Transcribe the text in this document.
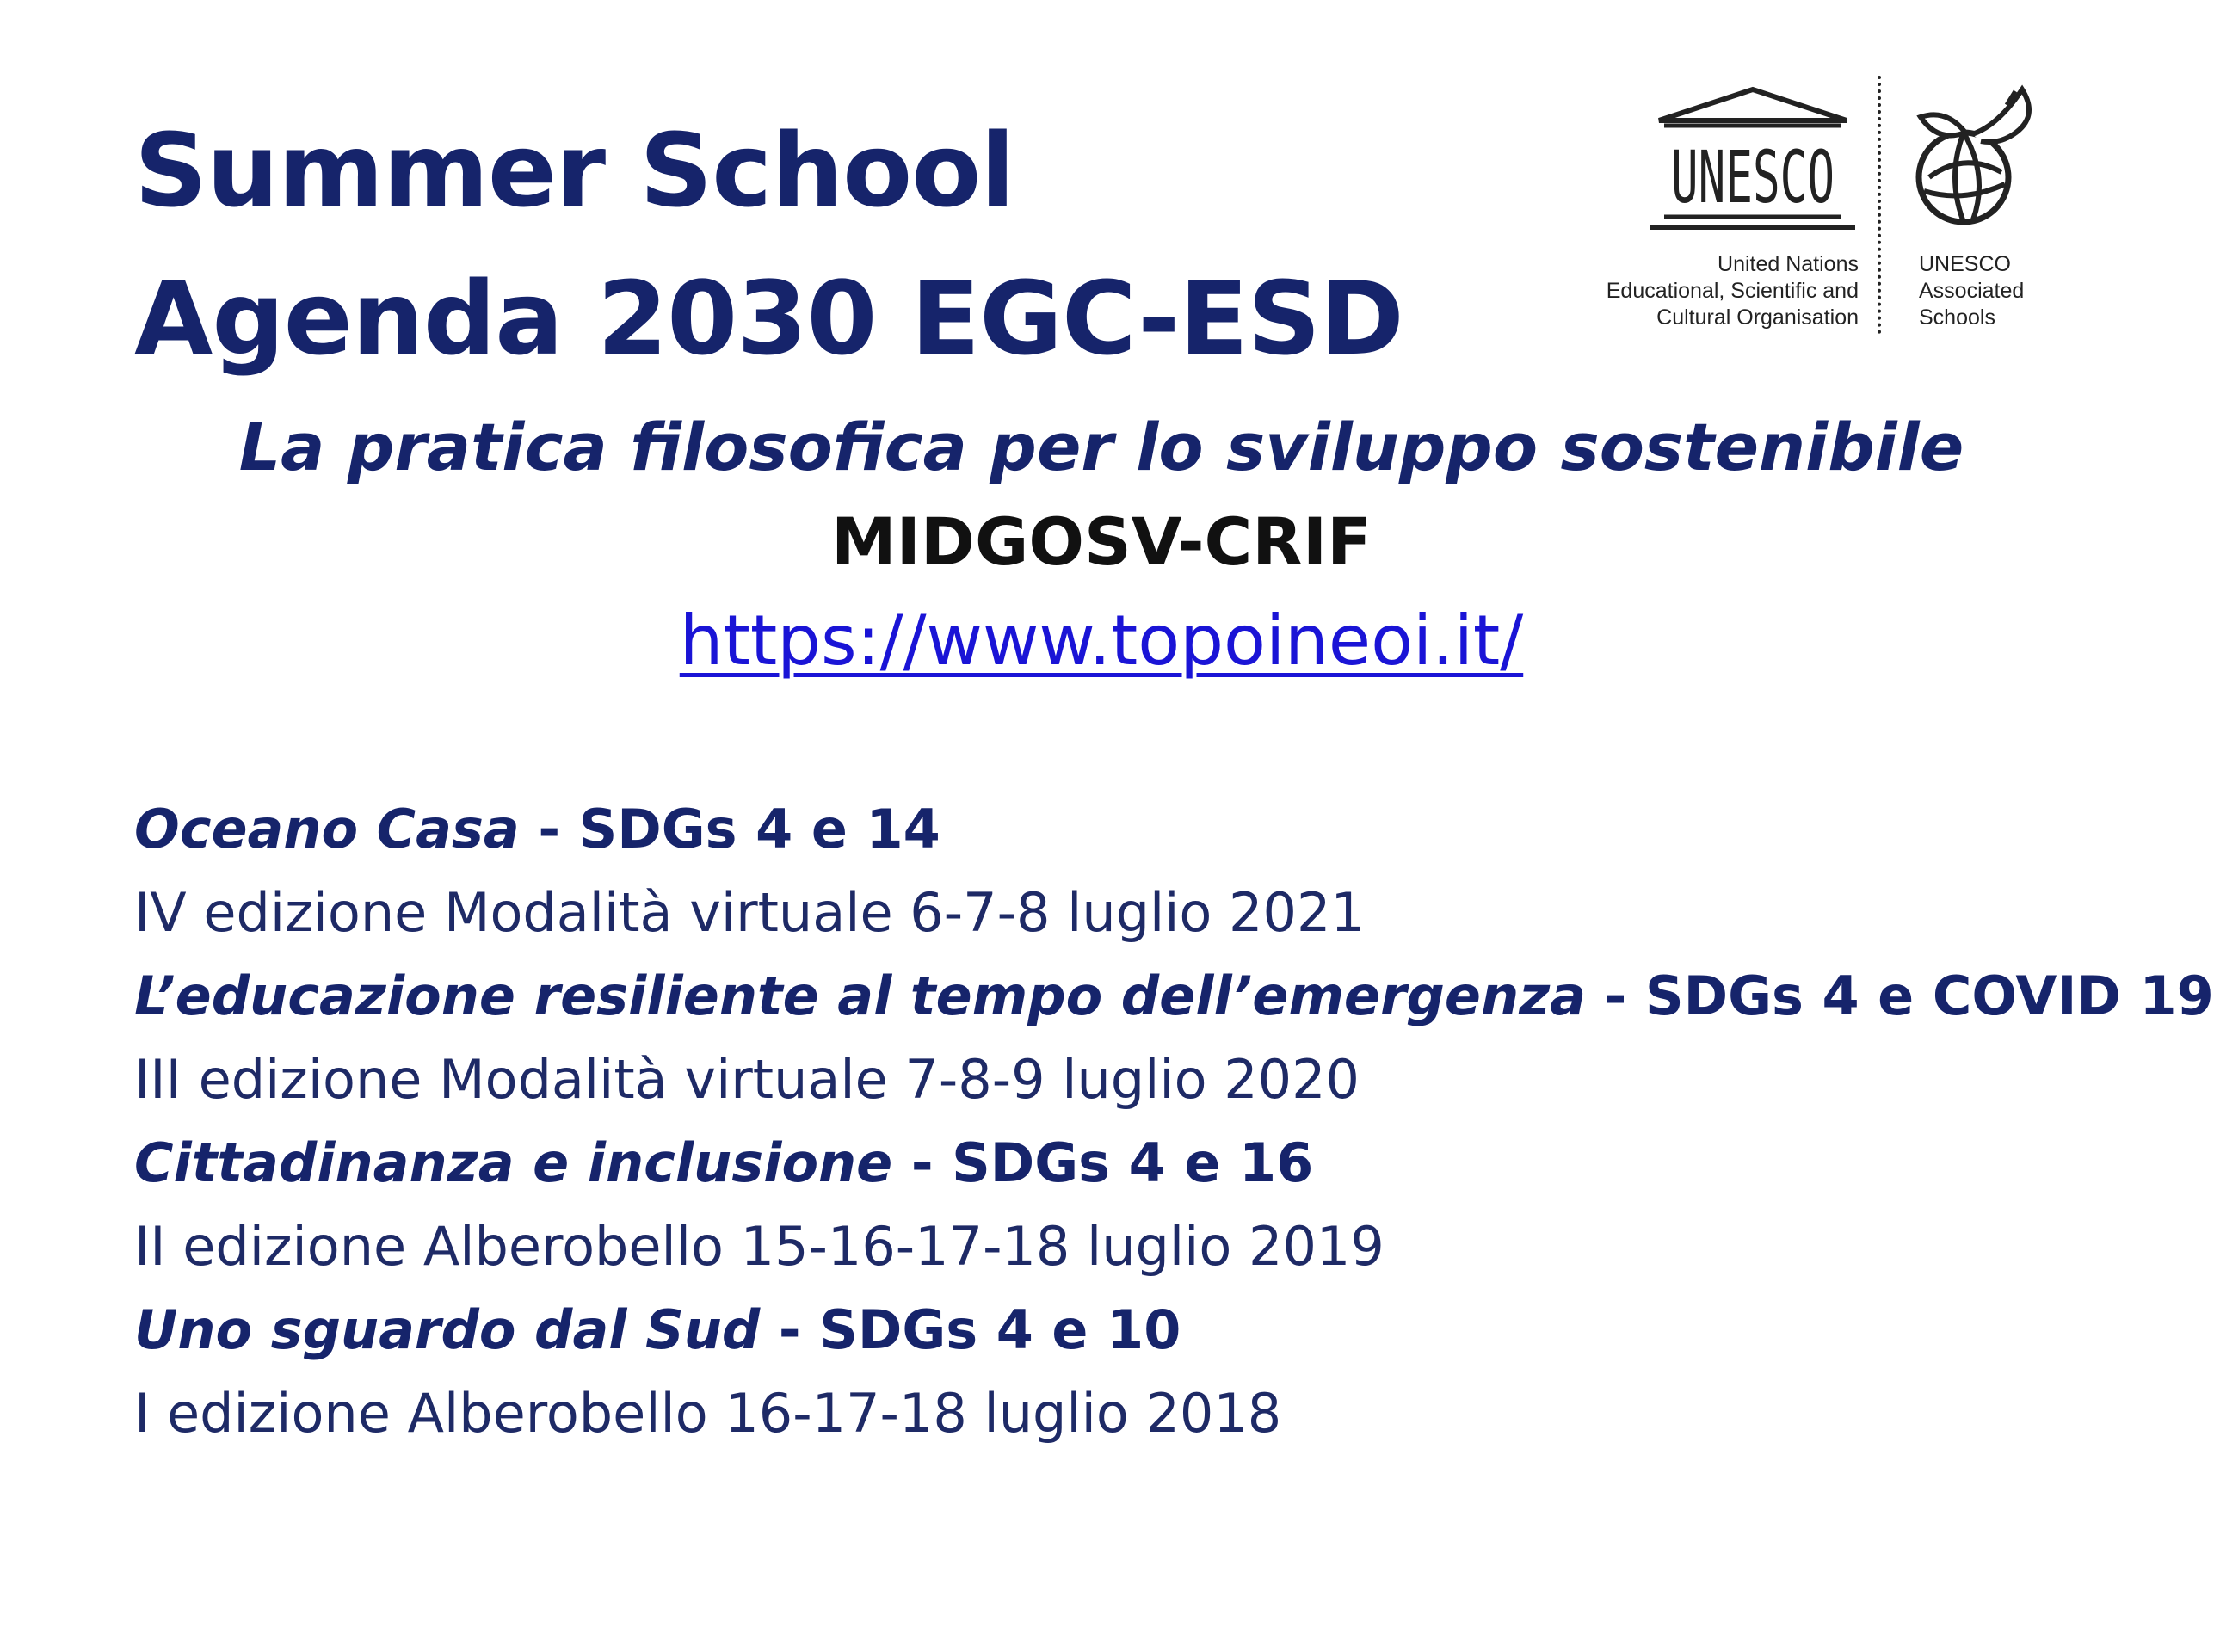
Summer School
Agenda 2030 EGC-ESD
UNESCO
United Nations
Educational, Scientific and
Cultural Organisation
UNESCO
Associated
Schools
La pratica filosofica per lo sviluppo sostenibile
MIDGOSV-CRIF
https://www.topoineoi.it/
Oceano Casa - SDGs 4 e 14
IV edizione Modalità virtuale 6-7-8 luglio 2021
L’educazione resiliente al tempo dell’emergenza - SDGs 4 e COVID 19
III edizione Modalità virtuale 7-8-9 luglio 2020
Cittadinanza e inclusione - SDGs 4 e 16
II edizione Alberobello 15-16-17-18 luglio 2019
Uno sguardo dal Sud - SDGs 4 e 10
I edizione Alberobello 16-17-18 luglio 2018
